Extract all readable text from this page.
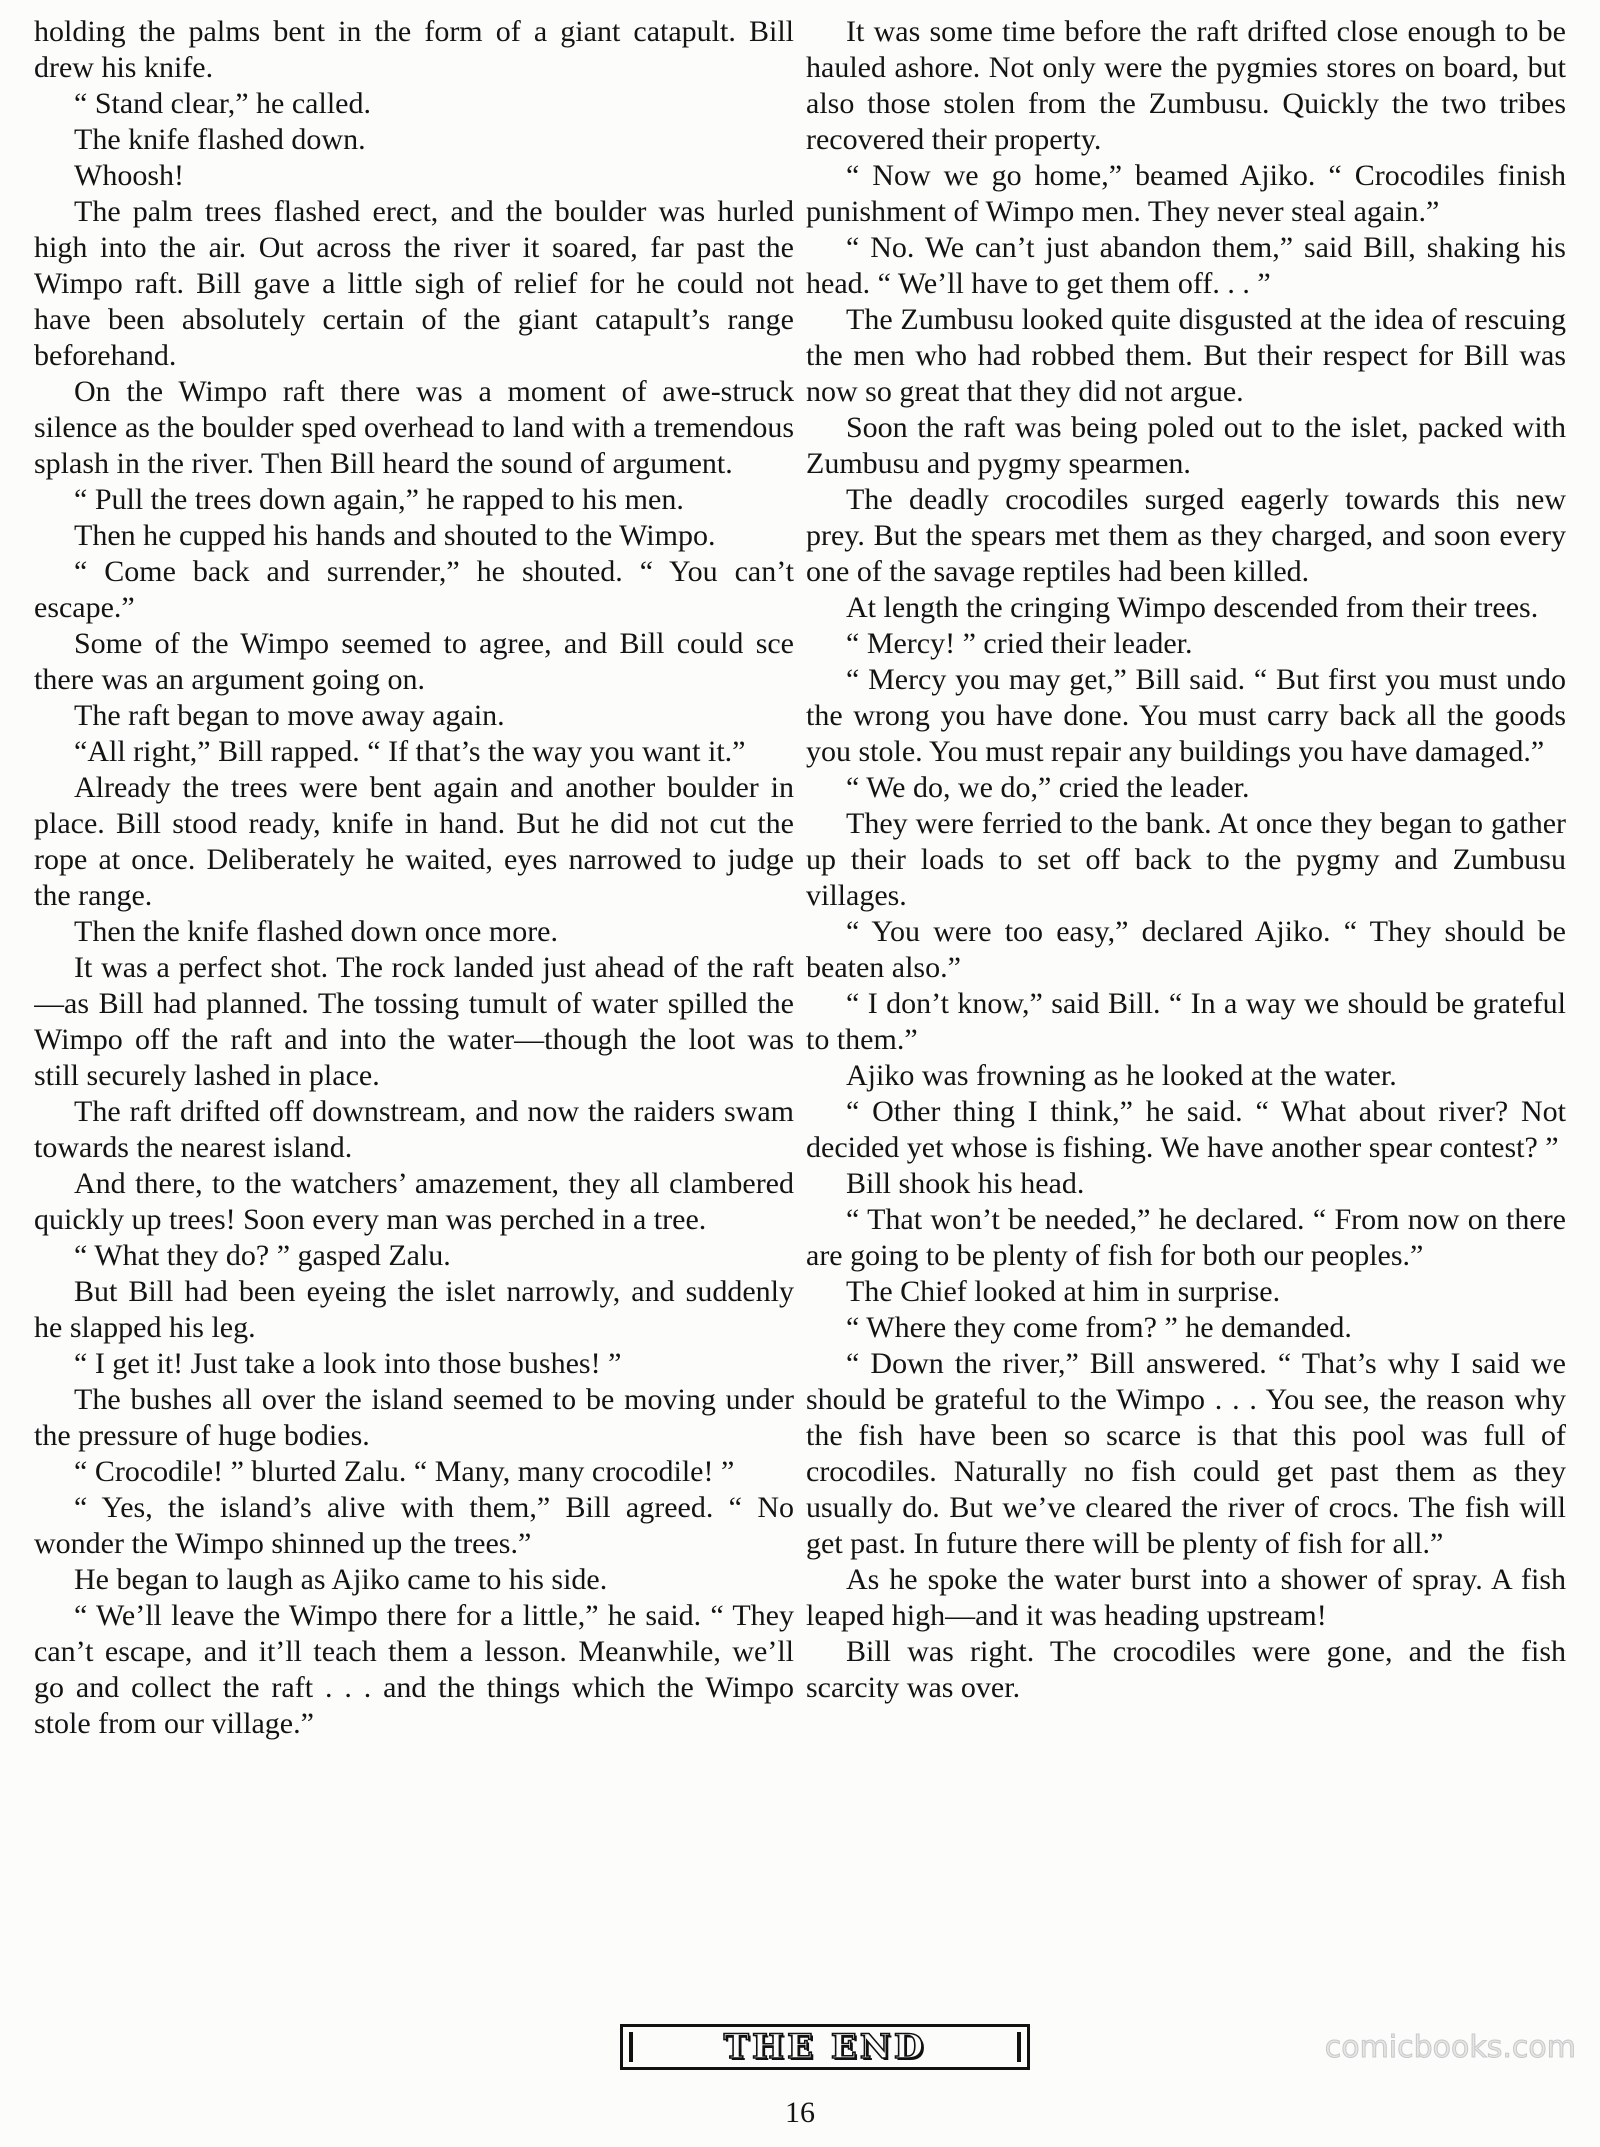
holding the palms bent in the form of a giant catapult. Bill drew his knife.

“ Stand clear,” he called.

The knife flashed down.

Whoosh!

The palm trees flashed erect, and the boulder was hurled high into the air. Out across the river it soared, far past the Wimpo raft. Bill gave a little sigh of relief for he could not have been absolutely certain of the giant catapult’s range beforehand.

On the Wimpo raft there was a moment of awe-struck silence as the boulder sped overhead to land with a tremendous splash in the river. Then Bill heard the sound of argument.

“ Pull the trees down again,” he rapped to his men.

Then he cupped his hands and shouted to the Wimpo.

“ Come back and surrender,” he shouted. “ You can’t escape.”

Some of the Wimpo seemed to agree, and Bill could sce there was an argument going on.

The raft began to move away again.

“All right,” Bill rapped. “ If that’s the way you want it.”

Already the trees were bent again and another boulder in place. Bill stood ready, knife in hand. But he did not cut the rope at once. Deliberately he waited, eyes narrowed to judge the range.

Then the knife flashed down once more.

It was a perfect shot. The rock landed just ahead of the raft—as Bill had planned. The tossing tumult of water spilled the Wimpo off the raft and into the water—though the loot was still securely lashed in place.

The raft drifted off downstream, and now the raiders swam towards the nearest island.

And there, to the watchers’ amazement, they all clambered quickly up trees! Soon every man was perched in a tree.

“ What they do? ” gasped Zalu.

But Bill had been eyeing the islet narrowly, and suddenly he slapped his leg.

“ I get it! Just take a look into those bushes! ”

The bushes all over the island seemed to be moving under the pressure of huge bodies.

“ Crocodile! ” blurted Zalu. “ Many, many crocodile! ”

“ Yes, the island’s alive with them,” Bill agreed. “ No wonder the Wimpo shinned up the trees.”

He began to laugh as Ajiko came to his side.

“ We’ll leave the Wimpo there for a little,” he said. “ They can’t escape, and it’ll teach them a lesson. Meanwhile, we’ll go and collect the raft . . . and the things which the Wimpo stole from our village.”

It was some time before the raft drifted close enough to be hauled ashore. Not only were the pygmies stores on board, but also those stolen from the Zumbusu. Quickly the two tribes recovered their property.

“ Now we go home,” beamed Ajiko. “ Crocodiles finish punishment of Wimpo men. They never steal again.”

“ No. We can’t just abandon them,” said Bill, shaking his head. “ We’ll have to get them off. . . ”

The Zumbusu looked quite disgusted at the idea of rescuing the men who had robbed them. But their respect for Bill was now so great that they did not argue.

Soon the raft was being poled out to the islet, packed with Zumbusu and pygmy spearmen.

The deadly crocodiles surged eagerly towards this new prey. But the spears met them as they charged, and soon every one of the savage reptiles had been killed.

At length the cringing Wimpo descended from their trees.

“ Mercy! ” cried their leader.

“ Mercy you may get,” Bill said. “ But first you must undo the wrong you have done. You must carry back all the goods you stole. You must repair any buildings you have damaged.”

“ We do, we do,” cried the leader.

They were ferried to the bank. At once they began to gather up their loads to set off back to the pygmy and Zumbusu villages.

“ You were too easy,” declared Ajiko. “ They should be beaten also.”

“ I don’t know,” said Bill. “ In a way we should be grateful to them.”

Ajiko was frowning as he looked at the water.

“ Other thing I think,” he said. “ What about river? Not decided yet whose is fishing. We have another spear contest? ”

Bill shook his head.

“ That won’t be needed,” he declared. “ From now on there are going to be plenty of fish for both our peoples.”

The Chief looked at him in surprise.

“ Where they come from? ” he demanded.

“ Down the river,” Bill answered. “ That’s why I said we should be grateful to the Wimpo . . . You see, the reason why the fish have been so scarce is that this pool was full of crocodiles. Naturally no fish could get past them as they usually do. But we’ve cleared the river of crocs. The fish will get past. In future there will be plenty of fish for all.”

As he spoke the water burst into a shower of spray. A fish leaped high—and it was heading upstream!

Bill was right. The crocodiles were gone, and the fish scarcity was over.

THE END	comicbooks.com
16
